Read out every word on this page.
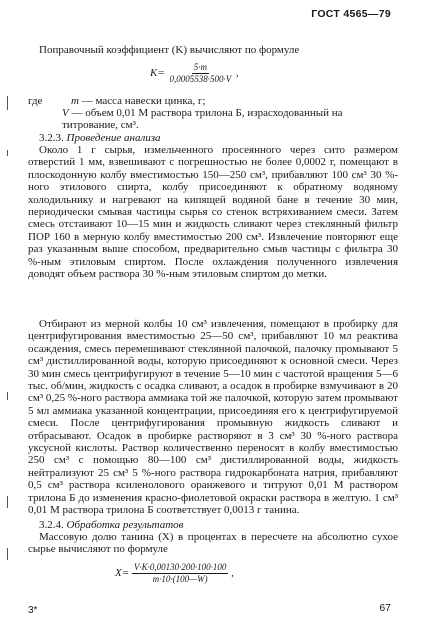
ГОСТ 4565—79

Поправочный коэффициент (K) вычисляют по формуле

$K= \frac{5\cdot m}{0,0005538\cdot 500\cdot V}$ ,
где	m — масса навески цинка, г;
V — объем 0,01 М раствора трилона Б, израсходованный на титрование, см³.
3.2.3. Проведение анализа

Около 1 г сырья, измельченного просеянного через сито размером отверстий 1 мм, взвешивают с погрешностью не более 0,0002 г, помещают в плоскодонную колбу вместимостью 150—250 см³, прибавляют 100 см³ 30 %-ного этилового спирта, колбу присоединяют к обратному водяному холодильнику и нагревают на кипящей водяной бане в течение 30 мин, периодически смывая частицы сырья со стенок встряхиванием смеси. Затем смесь отстаивают 10—15 мин и жидкость сливают через стеклянный фильтр ПОР 160 в мерную колбу вместимостью 200 см³. Извлечение повторяют еще раз указанным выше способом, предварительно смыв частицы с фильтра 30 %-ным этиловым спиртом. После охлаждения полученного извлечения доводят объем раствора 30 %-ным этиловым спиртом до метки.

Отбирают из мерной колбы 10 см³ извлечения, помещают в пробирку для центрифугирования вместимостью 25—50 см³, прибавляют 10 мл реактива осаждения, смесь перемешивают стеклянной палочкой, палочку промывают 5 см³ дистиллированной воды, которую присоединяют к основной смеси. Через 30 мин смесь центрифугируют в течение 5—10 мин с частотой вращения 5—6 тыс. об/мин, жидкость с осадка сливают, а осадок в пробирке взмучивают в 20 см³ 0,25 %-ного раствора аммиака той же палочкой, которую затем промывают 5 мл аммиака указанной концентрации, присоединяя его к центрифугируемой смеси. После центрифугирования промывную жидкость сливают и отбрасывают. Осадок в пробирке растворяют в 3 см³ 30 %-ного раствора уксусной кислоты. Раствор количественно переносят в колбу вместимостью 250 см³ с помощью 80—100 см³ дистиллированной воды, жидкость нейтрализуют 25 см³ 5 %-ного раствора гидрокарбоната натрия, прибавляют 0,5 см³ раствора ксиленолового оранжевого и титруют 0,01 М раствором трилона Б до изменения красно-фиолетовой окраски раствора в желтую. 1 см³ 0,01 М раствора трилона Б соответствует 0,0013 г танина.

3.2.4. Обработка результатов

Массовую долю танина (X) в процентах в пересчете на абсолютно сухое сырье вычисляют по формуле

$X= \frac{V\cdot K\cdot 0,00130\cdot 200\cdot 100\cdot 100}{m\cdot 10\cdot(100—W)}$ ,
3*	67
